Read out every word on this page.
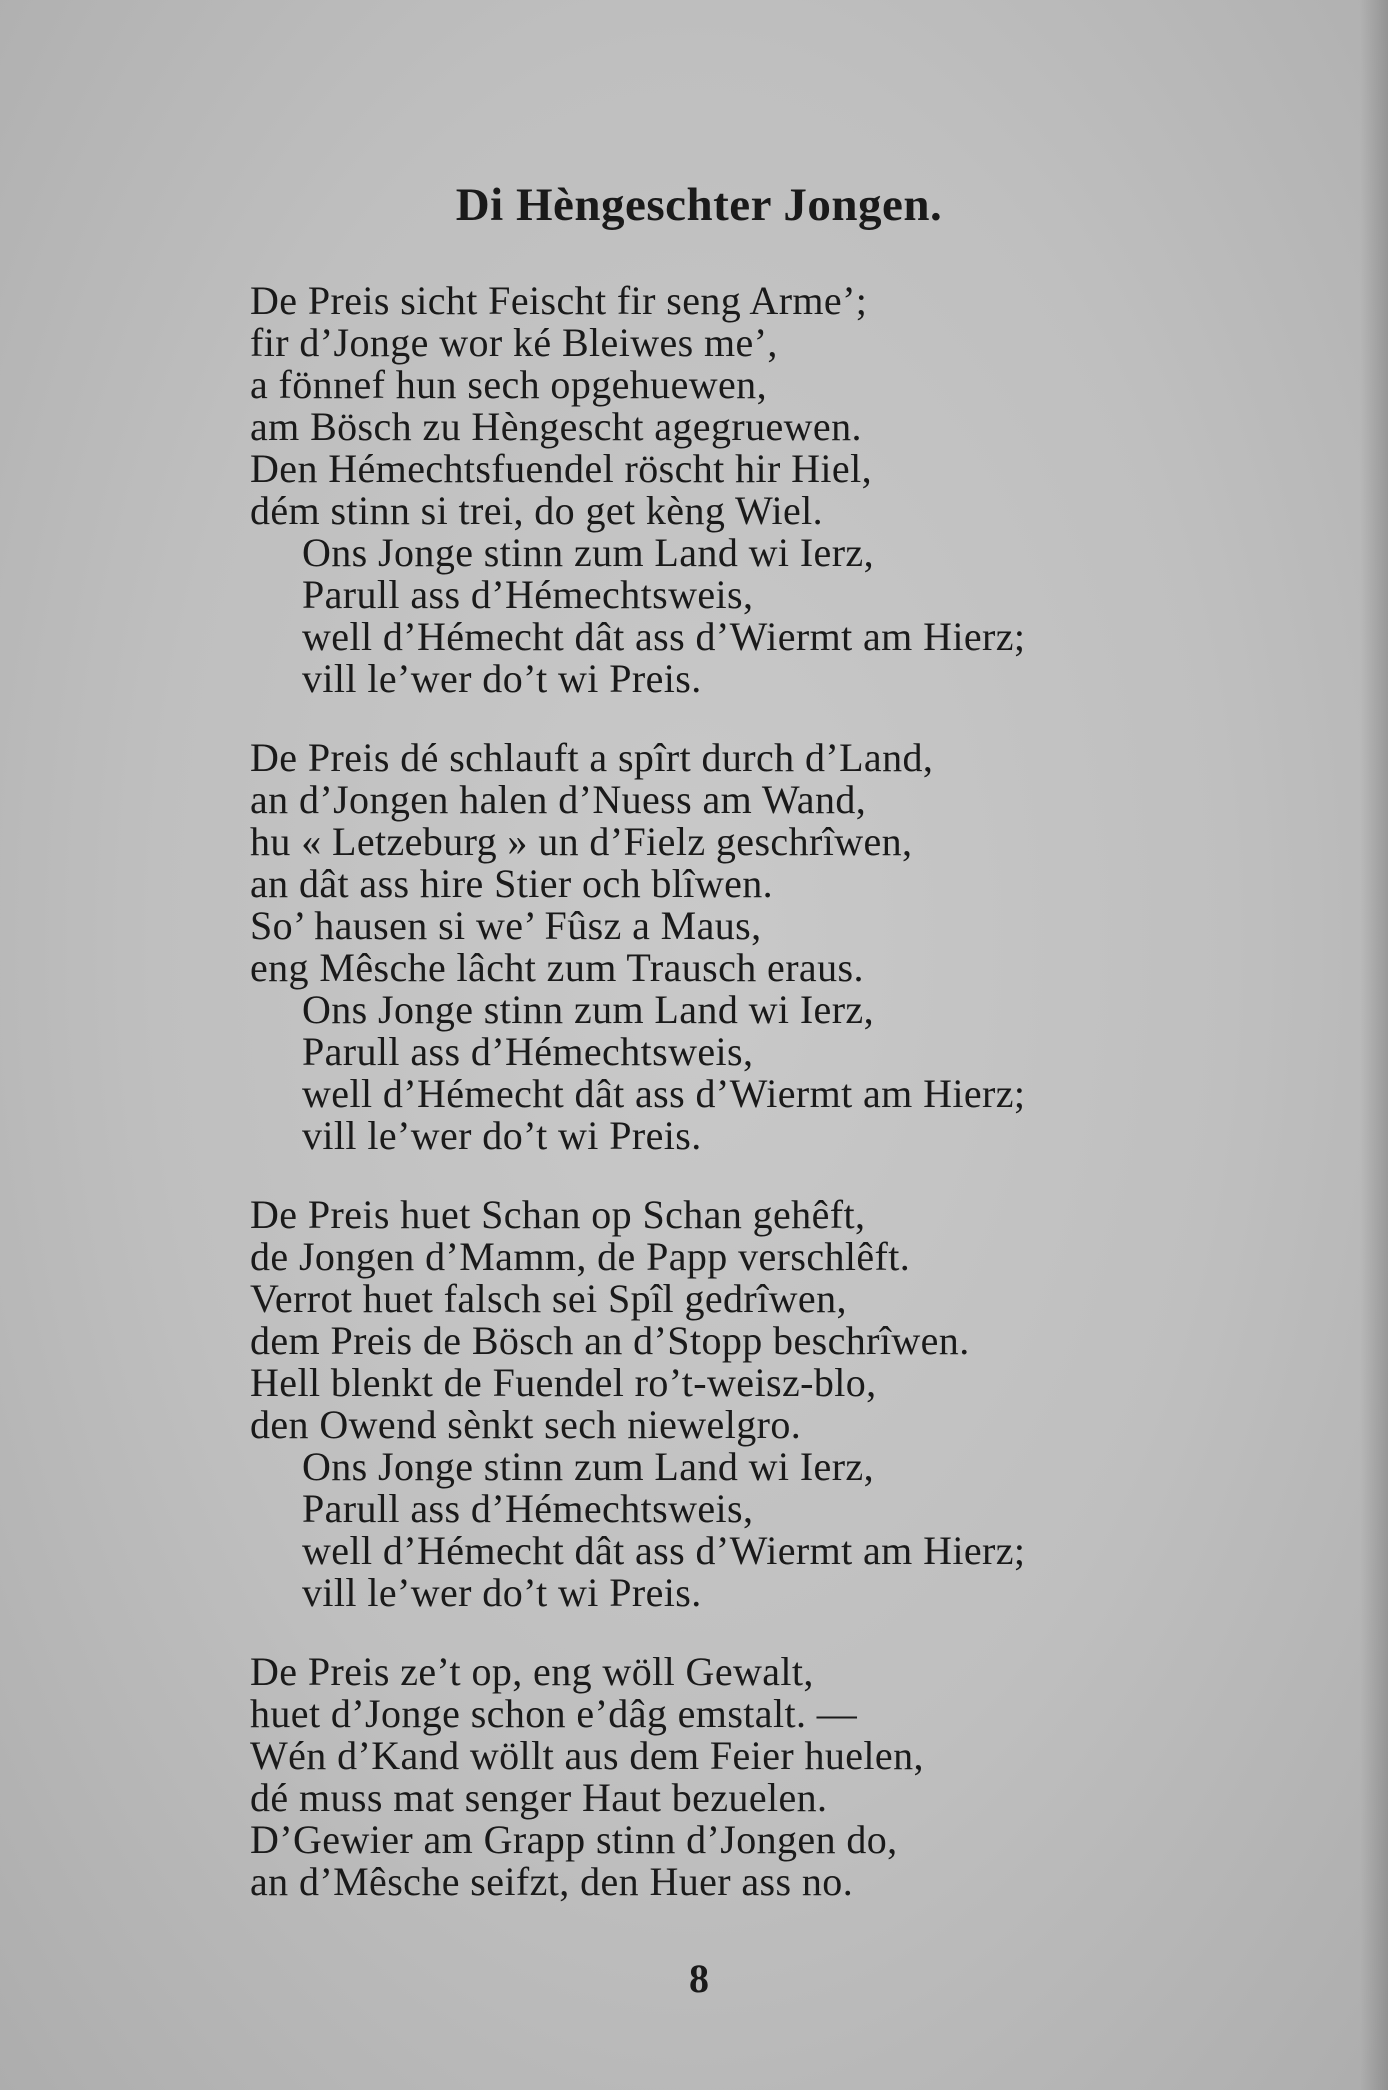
Di Hèngeschter Jongen.
De Preis sicht Feischt fir seng Arme’;
fir d’Jonge wor ké Bleiwes me’,
a fönnef hun sech opgehuewen,
am Bösch zu Hèngescht agegruewen.
Den Hémechtsfuendel röscht hir Hiel,
dém stinn si trei, do get kèng Wiel.
Ons Jonge stinn zum Land wi Ierz,
Parull ass d’Hémechtsweis,
well d’Hémecht dât ass d’Wiermt am Hierz;
vill le’wer do’t wi Preis.
De Preis dé schlauft a spîrt durch d’Land,
an d’Jongen halen d’Nuess am Wand,
hu « Letzeburg » un d’Fielz geschrîwen,
an dât ass hire Stier och blîwen.
So’ hausen si we’ Fûsz a Maus,
eng Mêsche lâcht zum Trausch eraus.
Ons Jonge stinn zum Land wi Ierz,
Parull ass d’Hémechtsweis,
well d’Hémecht dât ass d’Wiermt am Hierz;
vill le’wer do’t wi Preis.
De Preis huet Schan op Schan gehêft,
de Jongen d’Mamm, de Papp verschlêft.
Verrot huet falsch sei Spîl gedrîwen,
dem Preis de Bösch an d’Stopp beschrîwen.
Hell blenkt de Fuendel ro’t-weisz-blo,
den Owend sènkt sech niewelgro.
Ons Jonge stinn zum Land wi Ierz,
Parull ass d’Hémechtsweis,
well d’Hémecht dât ass d’Wiermt am Hierz;
vill le’wer do’t wi Preis.
De Preis ze’t op, eng wöll Gewalt,
huet d’Jonge schon e’dâg emstalt. —
Wén d’Kand wöllt aus dem Feier huelen,
dé muss mat senger Haut bezuelen.
D’Gewier am Grapp stinn d’Jongen do,
an d’Mêsche seifzt, den Huer ass no.
8
